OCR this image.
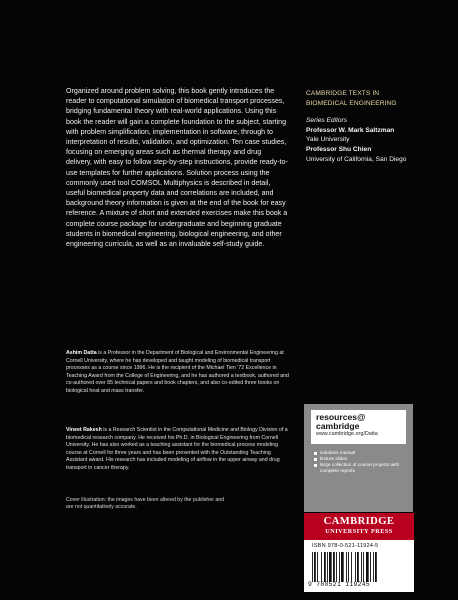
Organized around problem solving, this book gently introduces the reader to computational simulation of biomedical transport processes, bridging fundamental theory with real-world applications. Using this book the reader will gain a complete foundation to the subject, starting with problem simplification, implementation in software, through to interpretation of results, validation, and optimization. Ten case studies, focusing on emerging areas such as thermal therapy and drug delivery, with easy to follow step-by-step instructions, provide ready-to-use templates for further applications. Solution process using the commonly used tool COMSOL Multiphysics is described in detail, useful biomedical property data and correlations are included, and background theory information is given at the end of the book for easy reference. A mixture of short and extended exercises make this book a complete course package for undergraduate and beginning graduate students in biomedical engineering, biological engineering, and other engineering curricula, as well as an invaluable self-study guide.

Ashim Datta is a Professor in the Department of Biological and Environmental Engineering at Cornell University, where he has developed and taught modeling of biomedical transport processes as a course since 1996. He is the recipient of the Michael Tien '72 Excellence in Teaching Award from the College of Engineering, and he has authored a textbook, authored and co-authored over 85 technical papers and book chapters, and also co-edited three books on biological heat and mass transfer.

Vineet Rakesh is a Research Scientist in the Computational Medicine and Biology Division of a biomedical research company. He received his Ph.D. in Biological Engineering from Cornell University. He has also worked as a teaching assistant for the biomedical process modeling course at Cornell for three years and has been presented with the Outstanding Teaching Assistant award. His research has included modeling of airflow in the upper airway and drug transport in cancer therapy.

Cover illustration: the images have been altered by the publisher and are not quantitatively accurate.

CAMBRIDGE TEXTS IN
BIOMEDICAL ENGINEERING
Series Editors
Professor W. Mark Saltzman
Yale University
Professor Shu Chien
University of California, San Diego
resources@
cambridge
www.cambridge.org/Datta
solutions manual
lecture slides
large collection of course projects with complete reports
CAMBRIDGE
UNIVERSITY PRESS
ISBN 978-0-521-11924-5
9 780521 119245
